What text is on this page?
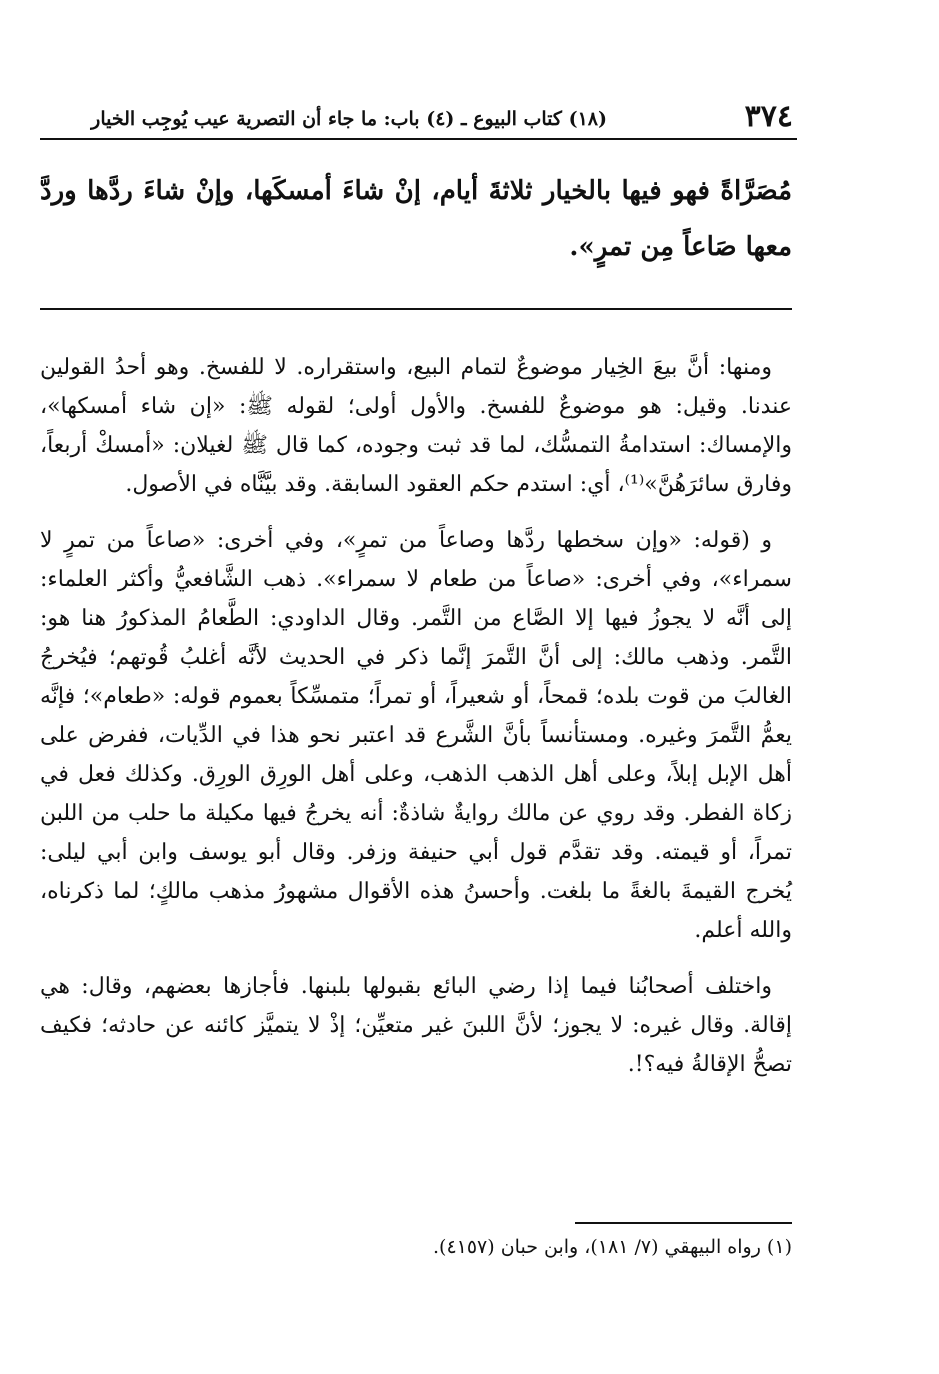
٣٧٤
(١٨) كتاب البيوع ـ (٤) باب: ما جاء أن التصرية عيب يُوجِب الخيار
مُصَرَّاةً فهو فيها بالخيار ثلاثةَ أيام، إنْ شاءَ أمسكَها، وإنْ شاءَ ردَّها وردَّ معها صَاعاً مِن تمرٍ».

ومنها: أنَّ بيعَ الخِيار موضوعٌ لتمام البيع، واستقراره. لا للفسخ. وهو أحدُ القولين عندنا. وقيل: هو موضوعٌ للفسخ. والأول أولى؛ لقوله ﷺ: «إن شاء أمسكها»، والإمساك: استدامةُ التمسُّك، لما قد ثبت وجوده، كما قال ﷺ لغيلان: «أمسكْ أربعاً، وفارق سائرَهُنَّ»⁽¹⁾، أي: استدم حكم العقود السابقة. وقد بيَّنَّاه في الأصول.

و (قوله: «وإن سخطها ردَّها وصاعاً من تمرٍ»، وفي أخرى: «صاعاً من تمرٍ لا سمراء»، وفي أخرى: «صاعاً من طعام لا سمراء». ذهب الشَّافعيُّ وأكثر العلماء: إلى أنَّه لا يجوزُ فيها إلا الصَّاع من التَّمر. وقال الداودي: الطَّعامُ المذكورُ هنا هو: التَّمر. وذهب مالك: إلى أنَّ التَّمرَ إنَّما ذكر في الحديث لأنَّه أغلبُ قُوتهم؛ فيُخرجُ الغالبَ من قوت بلده؛ قمحاً، أو شعيراً، أو تمراً؛ متمسِّكاً بعموم قوله: «طعام»؛ فإنَّه يعمُّ التَّمرَ وغيره. ومستأنساً بأنَّ الشَّرع قد اعتبر نحو هذا في الدِّيات، ففرض على أهل الإبل إبلاً، وعلى أهل الذهب الذهب، وعلى أهل الورِق الورِق. وكذلك فعل في زكاة الفطر. وقد روي عن مالك روايةٌ شاذةٌ: أنه يخرجُ فيها مكيلة ما حلب من اللبن تمراً، أو قيمته. وقد تقدَّم قول أبي حنيفة وزفر. وقال أبو يوسف وابن أبي ليلى: يُخرج القيمةَ بالغةً ما بلغت. وأحسنُ هذه الأقوال مشهورُ مذهب مالكٍ؛ لما ذكرناه، والله أعلم.

واختلف أصحابُنا فيما إذا رضي البائع بقبولها بلبنها. فأجازها بعضهم، وقال: هي إقالة. وقال غيره: لا يجوز؛ لأنَّ اللبنَ غير متعيِّن؛ إذْ لا يتميَّز كائنه عن حادثه؛ فكيف تصحُّ الإقالةُ فيه؟!.

(١) رواه البيهقي (٧/ ١٨١)، وابن حبان (٤١٥٧).
